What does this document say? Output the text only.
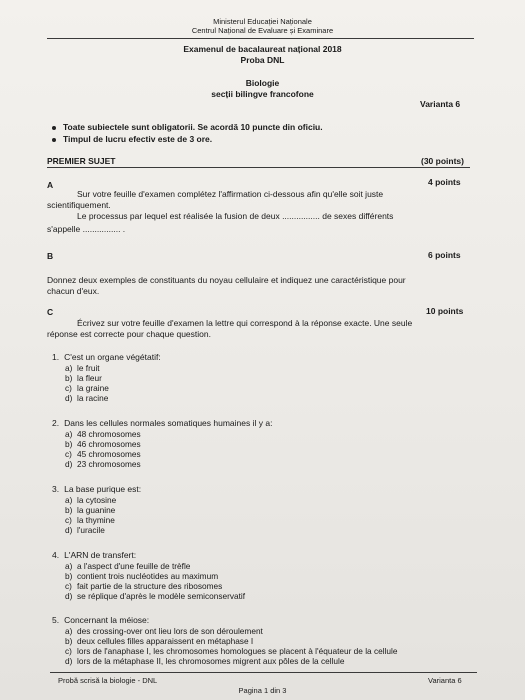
Ministerul Educației Naționale
Centrul Național de Evaluare și Examinare
Examenul de bacalaureat național 2018
Proba DNL
Biologie
secții bilingve francofone
Varianta 6
Toate subiectele sunt obligatorii. Se acordă 10 puncte din oficiu.
Timpul de lucru efectiv este de 3 ore.
PREMIER SUJET	(30 points)
A	4 points
Sur votre feuille d'examen complétez l'affirmation ci-dessous afin qu'elle soit juste
scientifiquement.
Le processus par lequel est réalisée la fusion de deux ................ de sexes différents
s'appelle ................ .
B	6 points
Donnez deux exemples de constituants du noyau cellulaire et indiquez une caractéristique pour
chacun d'eux.
C	10 points
Écrivez sur votre feuille d'examen la lettre qui correspond à la réponse exacte. Une seule
réponse est correcte pour chaque question.
1. C'est un organe végétatif:
a) le fruit
b) la fleur
c) la graine
d) la racine
2. Dans les cellules normales somatiques humaines il y a:
a) 48 chromosomes
b) 46 chromosomes
c) 45 chromosomes
d) 23 chromosomes
3. La base purique est:
a) la cytosine
b) la guanine
c) la thymine
d) l'uracile
4. L'ARN de transfert:
a) a l'aspect d'une feuille de trèfle
b) contient trois nucléotides au maximum
c) fait partie de la structure des ribosomes
d) se réplique d'après le modèle semiconservatif
5. Concernant la méiose:
a) des crossing-over ont lieu lors de son déroulement
b) deux cellules filles apparaissent en métaphase I
c) lors de l'anaphase I, les chromosomes homologues se placent à l'équateur de la cellule
d) lors de la métaphase II, les chromosomes migrent aux pôles de la cellule
Probă scrisă la biologie - DNL	Varianta 6
Pagina 1 din 3
